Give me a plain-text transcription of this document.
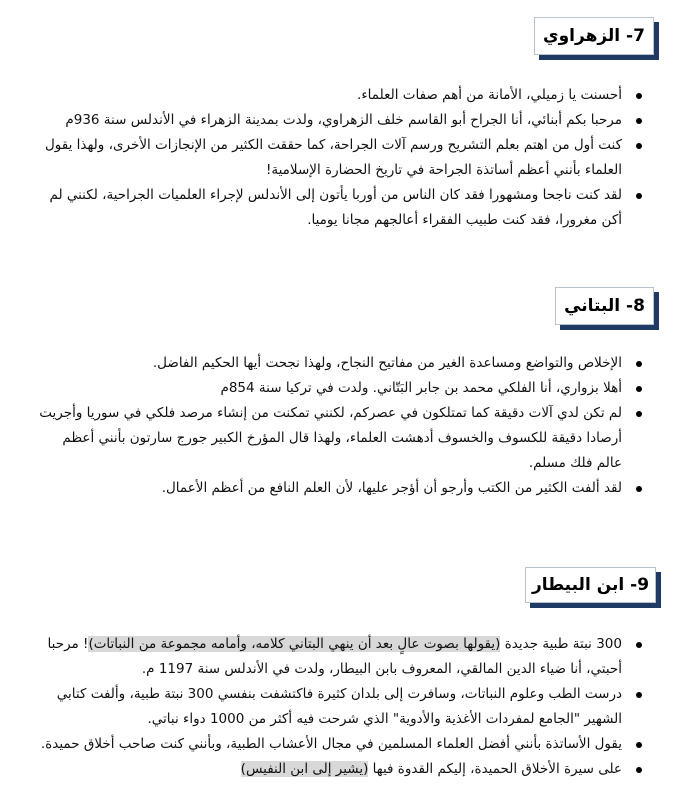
7- الزهراوي
أحسنت يا زميلي، الأمانة من أهم صفات العلماء.
مرحبا بكم أبنائي، أنا الجراح أبو القاسم خلف الزهراوي، ولدت بمدينة الزهراء في الأندلس سنة 936م
كنت أول من اهتم بعلم التشريح ورسم آلات الجراحة، كما حققت الكثير من الإنجازات الأخرى، ولهذا يقول العلماء بأنني أعظم أساتذة الجراحة في تاريخ الحضارة الإسلامية!
لقد كنت ناجحا ومشهورا فقد كان الناس من أوربا يأتون إلى الأندلس لإجراء العلميات الجراحية، لكنني لم أكن مغرورا، فقد كنت طبيب الفقراء أعالجهم مجانا يوميا.
8- البتاني
الإخلاص والتواضع ومساعدة الغير من مفاتيح النجاح، ولهذا نجحت أيها الحكيم الفاضل.
أهلا بزواري، أنا الفلكي محمد بن جابر البَتّاني. ولدت في تركيا سنة 854م
لم تكن لدي آلات دقيقة كما تمتلكون في عصركم، لكنني تمكنت من إنشاء مرصد فلكي في سوريا وأجريت أرصادا دقيقة للكسوف والخسوف أدهشت العلماء، ولهذا قال المؤرخ الكبير جورج سارتون بأنني أعظم عالم فلك مسلم.
لقد ألفت الكثير من الكتب وأرجو أن أؤجر عليها، لأن العلم النافع من أعظم الأعمال.
9- ابن البيطار
300 نبتة طبية جديدة (يقولها بصوت عالٍ بعد أن ينهي البتاني كلامه، وأمامه مجموعة من النباتات)! مرحبا أحبتي، أنا ضياء الدين المالقي، المعروف بابن البيطار، ولدت في الأندلس سنة 1197 م.
درست الطب وعلوم النباتات، وسافرت إلى بلدان كثيرة فاكتشفت بنفسي 300 نبتة طبية، وألفت كتابي الشهير "الجامع لمفردات الأغذية والأدوية" الذي شرحت فيه أكثر من 1000 دواء نباتي.
يقول الأساتذة بأنني أفضل العلماء المسلمين في مجال الأعشاب الطبية، وبأنني كنت صاحب أخلاق حميدة.
على سيرة الأخلاق الحميدة، إليكم القدوة فيها (يشير إلى ابن النفيس)
